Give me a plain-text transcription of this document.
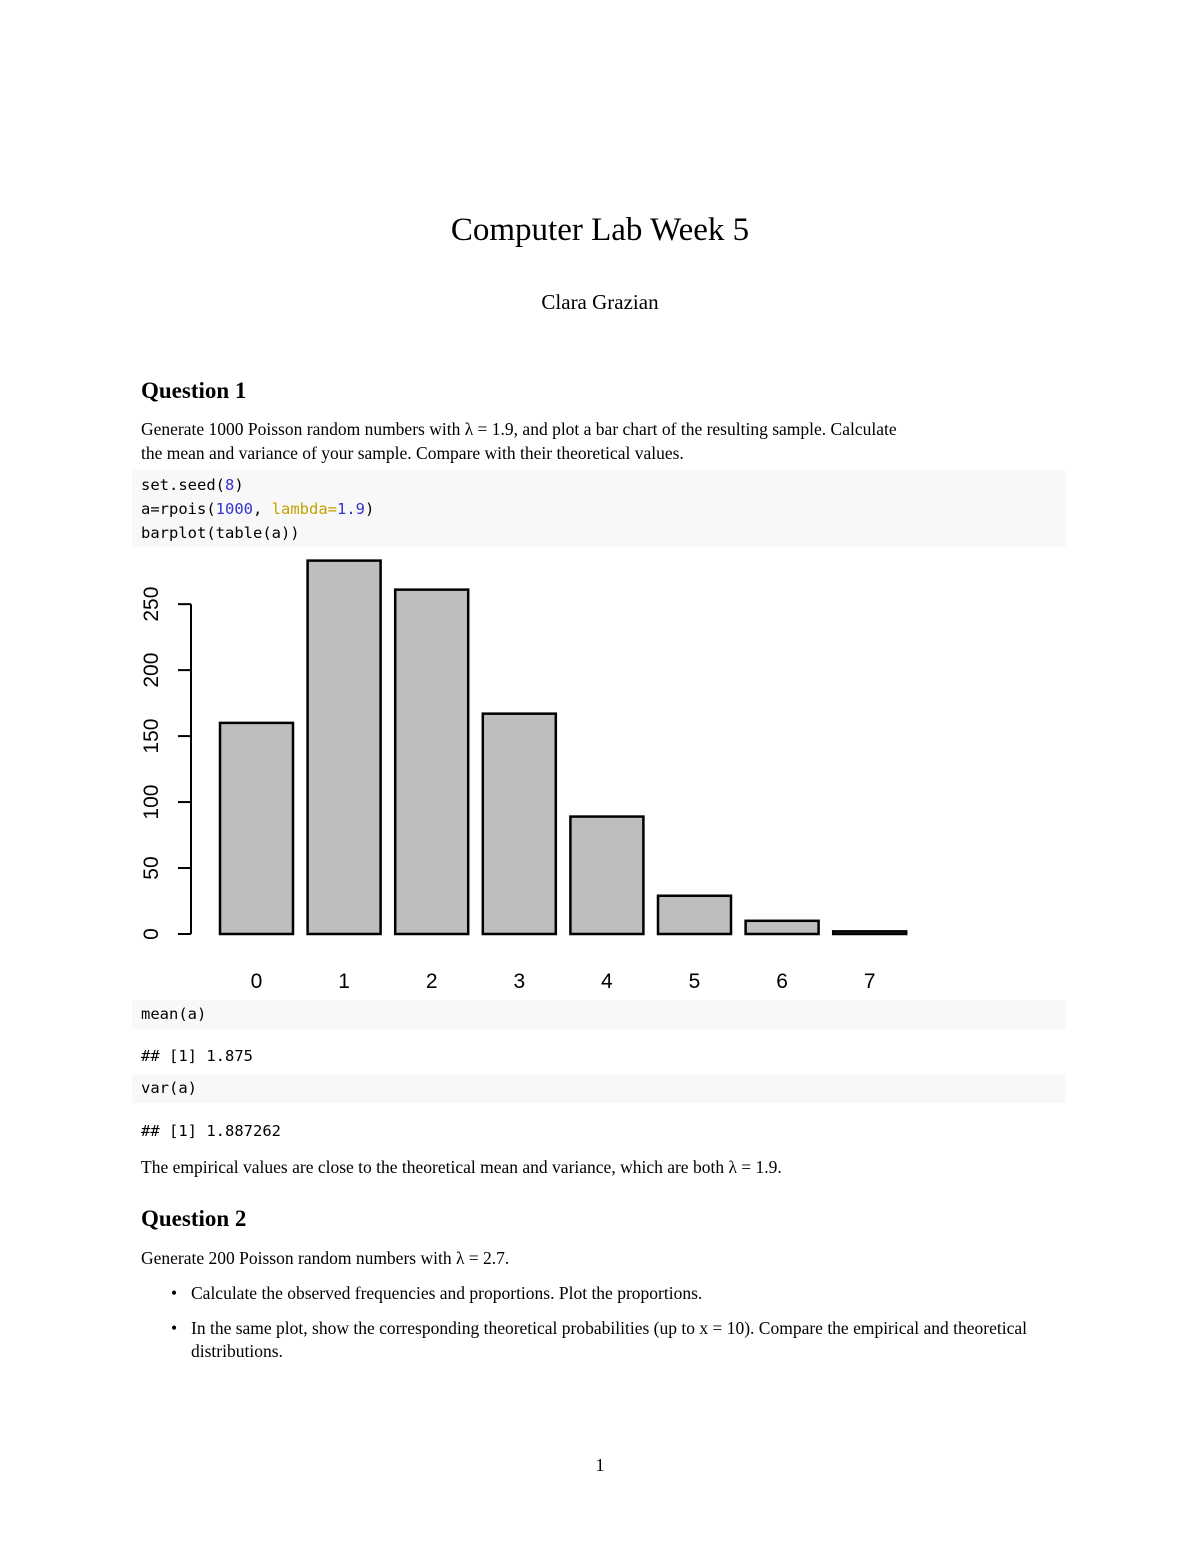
Computer Lab Week 5
Clara Grazian
Question 1
Generate 1000 Poisson random numbers with λ = 1.9, and plot a bar chart of the resulting sample. Calculate
the mean and variance of your sample. Compare with their theoretical values.
set.seed(8)
a=rpois(1000, lambda=1.9)
barplot(table(a))
0	1	2	3	4	5	6	7
0
50
100
150
200
250
mean(a)
## [1] 1.875
var(a)
## [1] 1.887262
The empirical values are close to the theoretical mean and variance, which are both λ = 1.9.
Question 2
Generate 200 Poisson random numbers with λ = 2.7.
• Calculate the observed frequencies and proportions. Plot the proportions.
• In the same plot, show the corresponding theoretical probabilities (up to x = 10). Compare the empirical and theoretical distributions.
1
